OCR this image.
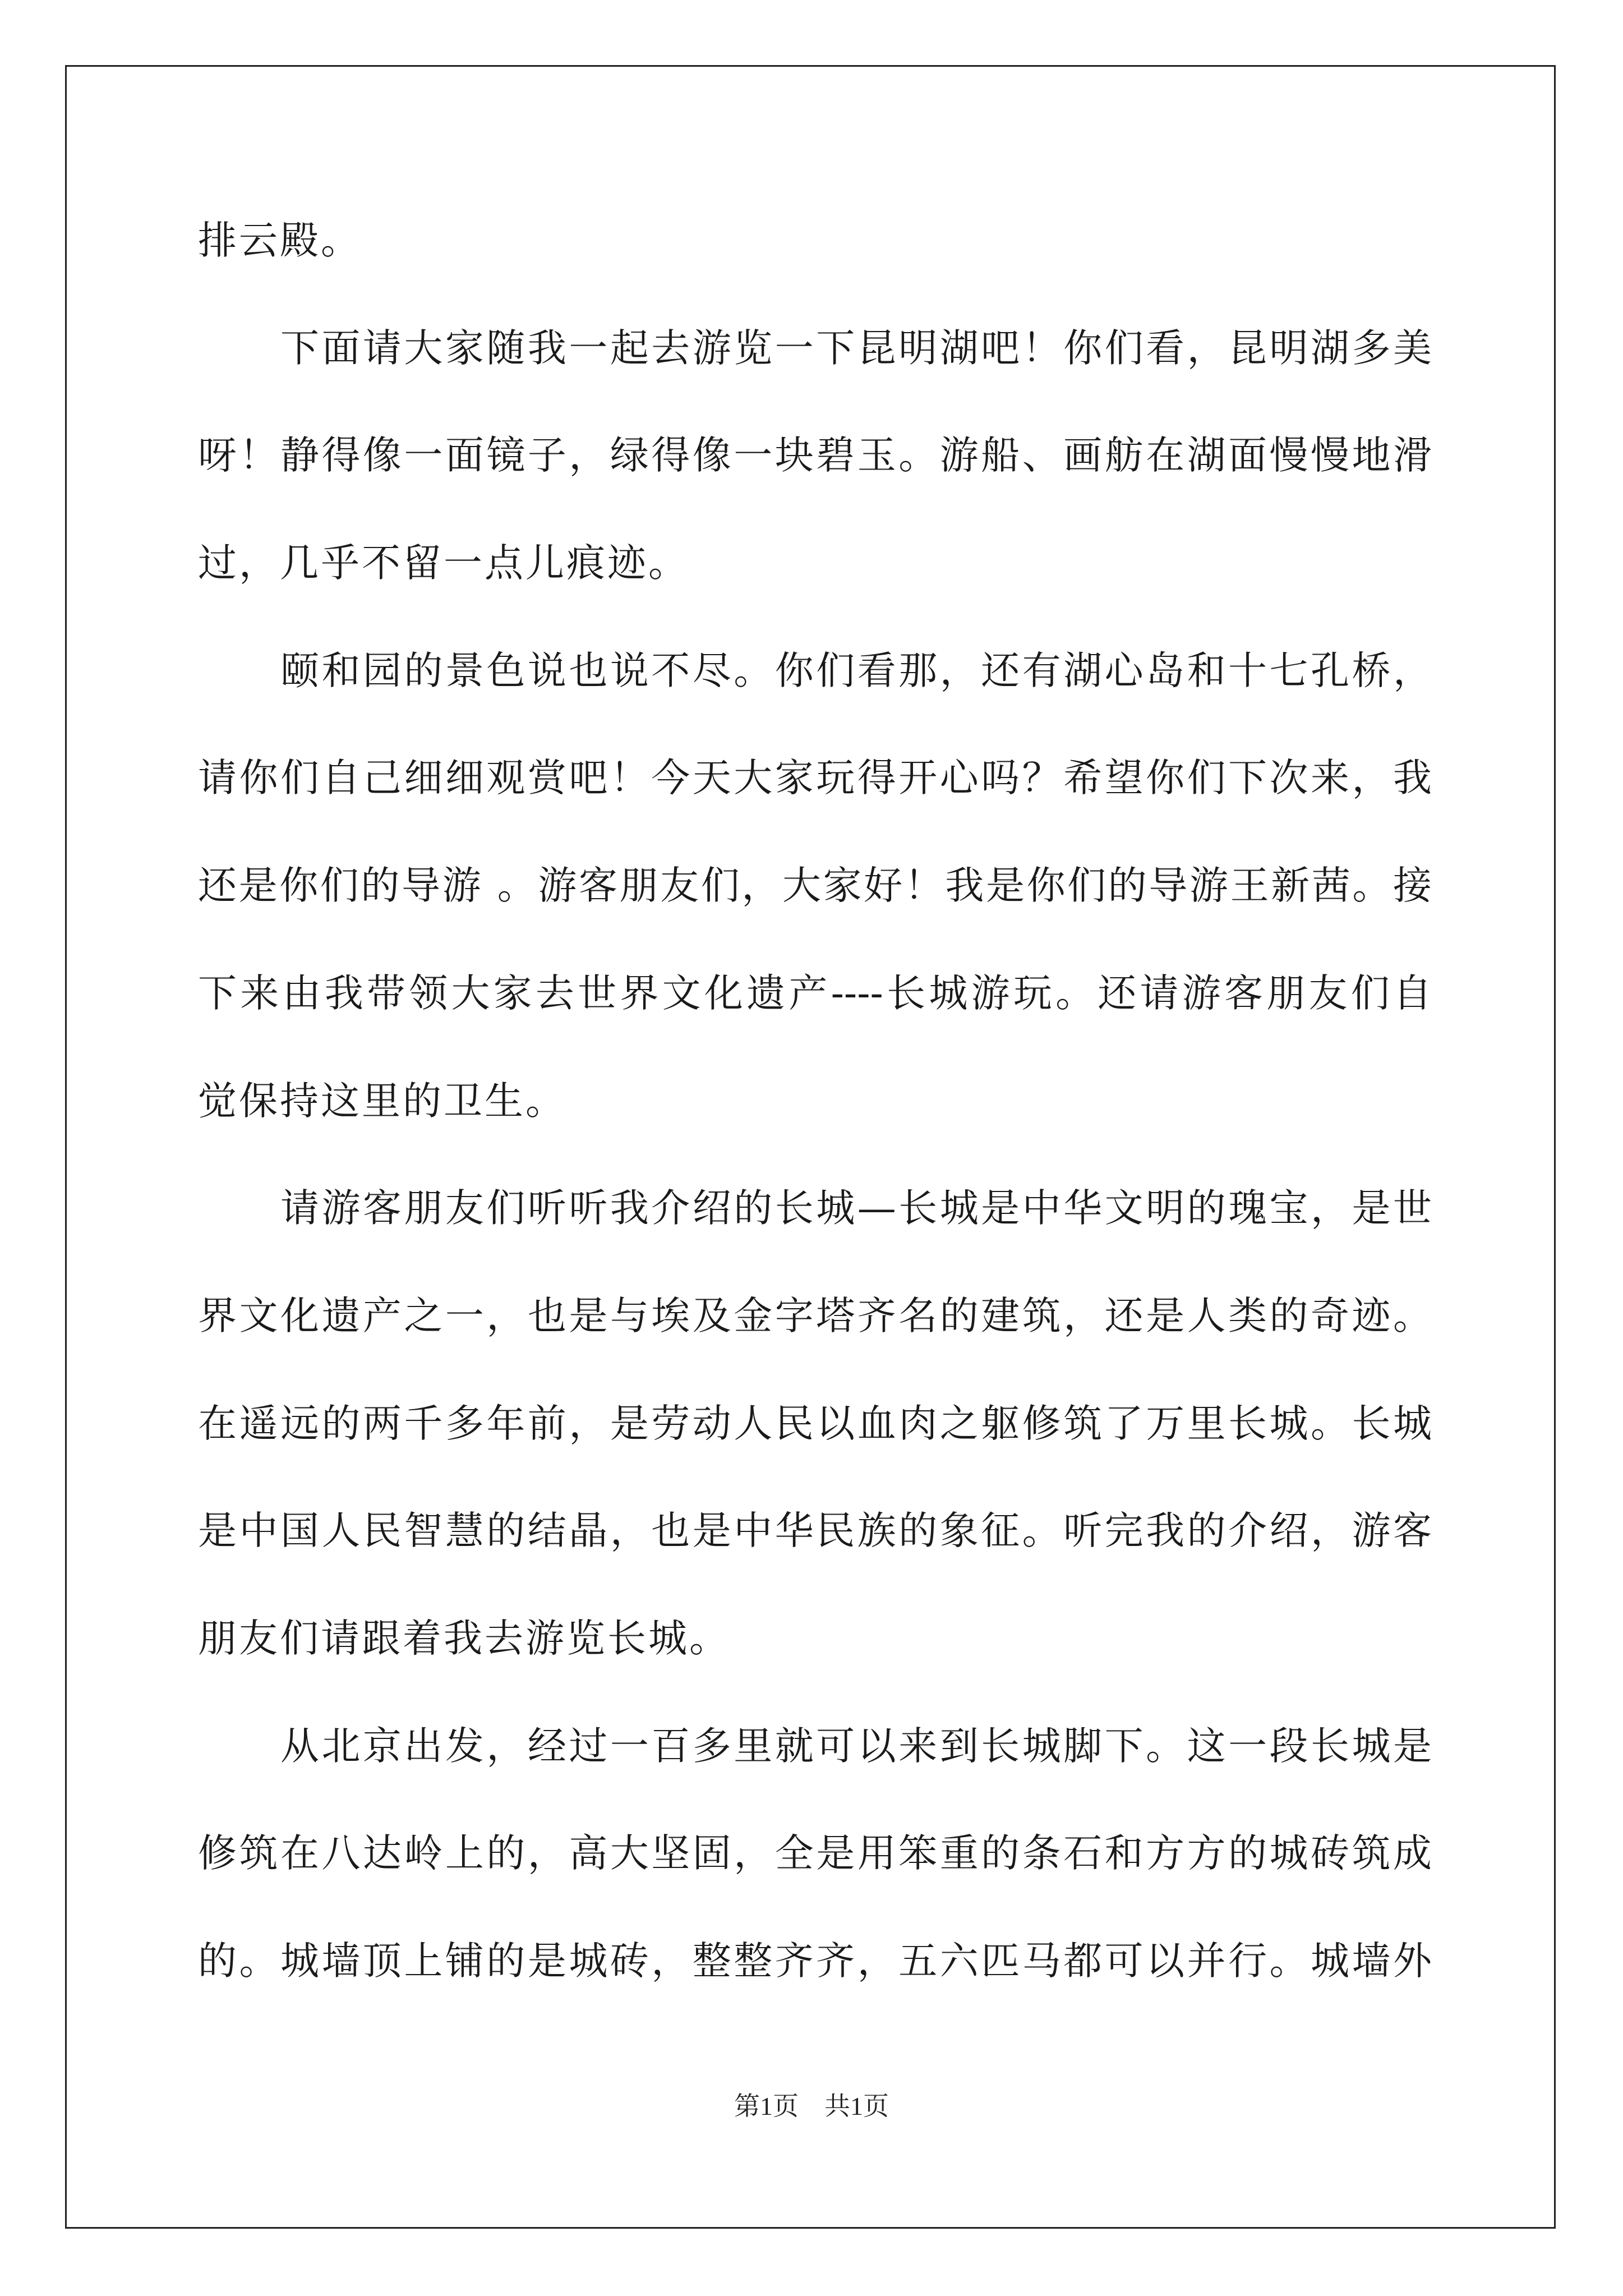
排云殿。
　　下面请大家随我一起去游览一下昆明湖吧！你们看，昆明湖多美
呀！静得像一面镜子，绿得像一块碧玉。游船、画舫在湖面慢慢地滑
过，几乎不留一点儿痕迹。
　　颐和园的景色说也说不尽。你们看那，还有湖心岛和十七孔桥，
请你们自己细细观赏吧！今天大家玩得开心吗？希望你们下次来，我
还是你们的导游 。游客朋友们，大家好！我是你们的导游王新茜。接
下来由我带领大家去世界文化遗产----长城游玩。还请游客朋友们自
觉保持这里的卫生。
　　请游客朋友们听听我介绍的长城—长城是中华文明的瑰宝，是世
界文化遗产之一，也是与埃及金字塔齐名的建筑，还是人类的奇迹。
在遥远的两千多年前，是劳动人民以血肉之躯修筑了万里长城。长城
是中国人民智慧的结晶，也是中华民族的象征。听完我的介绍，游客
朋友们请跟着我去游览长城。
　　从北京出发，经过一百多里就可以来到长城脚下。这一段长城是
修筑在八达岭上的，高大坚固，全是用笨重的条石和方方的城砖筑成
的。城墙顶上铺的是城砖，整整齐齐，五六匹马都可以并行。城墙外
第1页　共1页
